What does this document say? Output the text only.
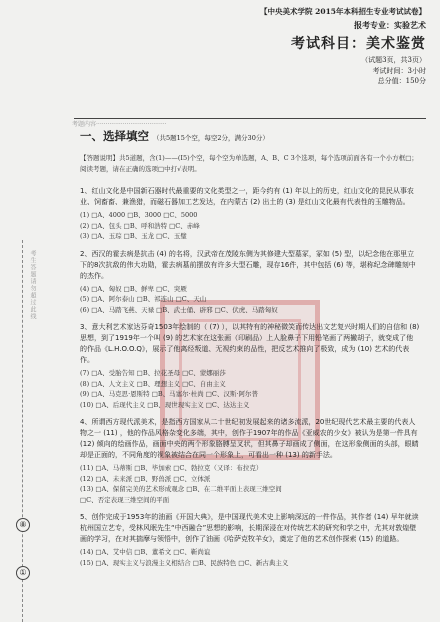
⑧
①
考生答题请勿超过此线
【中央美术学院 2015年本科招生专业考试试卷】
报考专业：实验艺术
考试科目：美术鉴赏
（试题3页，共3页）
考试时间：3小时
总分值：150分
考题内容·····································
一、选择填空 （共5题15个空，每空2分，满分30分）
【答题说明】共5道题，含(1)——(I5)个空，每个空为单选题，A、B、C 3个选项，每个选项前面各有一个小方框□；阅读考题，请在正确的选项□中打√表明。

1、红山文化是中国新石器时代最重要的文化类型之一，距今约有 (1) 年以上的历史，红山文化的昆民从事农业、饲畜畜、兼渔猎，而磁石器加工艺发达，在内蒙古 (2) 出土的 (3) 是红山文化最有代表性的玉雕物品。

(1) □A、4000 □B、3000 □C、5000

(2) □A、包头 □B、呼和浩特 □C、赤峰

(3) □A、玉琮 □B、玉龙 □C、玉璧

2、西汉的霍去病是抗击 (4) 的名将，汉武帝在茂陵东侧为其修建大型墓冢，冢如 (5) 型，以纪念他在那里立下的8次抗敌的伟大功勋，霍去病墓前摆放有许多大型石雕，现存16件，其中包括 (6) 等，堪称纪念碑雕刻中的杰作。

(4) □A、匈奴 □B、鲜卑 □C、突厥

(5) □A、阿尔泰山 □B、祁连山 □C、天山

(6) □A、马踏飞燕、天禄 □B、武士俑、辟邪 □C、伏虎、马踏匈奴

3、意大利艺术家达芬奇1503年绘制的（ (7) ），以其特有的神秘微笑而传达出文艺复兴时期人们的自信和 (8) 思想，到了1919年一个叫 (9) 的艺术家在这张画（印刷品）上人脸鼻子下用铅笔画了两撇胡子，就变成了他的作品《L.H.O.O.Q》，展示了他离经叛道、无视约束的品性，把反艺术推向了极致，成为 (10) 艺术的代表作。

(7) □A、受胎告知 □B、拉花圣母 □C、蒙娜丽莎

(8) □A、人文主义 □B、理想主义 □C、自由主义

(9) □A、马克思·恩斯特 □B、马塞尔·杜尚 □C、汉斯·阿尔普

(10) □A、后现代主义 □B、现世现实主义 □C、达达主义

4、所谓西方现代派美术，是指西方国家从二十世纪初发展起来的诸多流派，20世纪现代艺术最主要的代表人物之一 (11) ，他的作品风格杂变化多端，其中，创作于1907年的作品《亚威农的少女》被认为是第一件具有 (12) 倾向的绘画作品，画面中央的两个形象胳膊呈叉状，但其鼻子却画成了侧面，在这形象侧面的头部，眼睛却是正面的，不同角度的视象被结合在同一个形象上，可看出一种 (13) 的新手法。

(11) □A、马蒂斯 □B、毕加索 □C、勃拉克（又译：布拉克）

(12) □A、未来派 □B、野兽派 □C、立体派

(13) □A、保留完美的艺术形成观念 □B、在二维平面上表现三维空间

□C、否定表现三维空间的平面

5、创作完成于1953年的油画《开国大典》，是中国现代美术史上影响深远的一件作品，其作者 (14) 早年就读杭州国立艺专，受林风眠先生“中西融合”思想的影响，长期深浸在对传统艺术的研究和学之中，尤其对敦煌壁画的学习，在对其揣摩与领悟中，创作了油画《哈萨克牧羊女》，奠定了他的艺术创作探索 (15) 的道路。

(14) □A、艾中信 □B、董希文 □C、靳尚谊

(15) □A、现实主义与浪漫主义相结合 □B、民族特色 □C、新古典主义
